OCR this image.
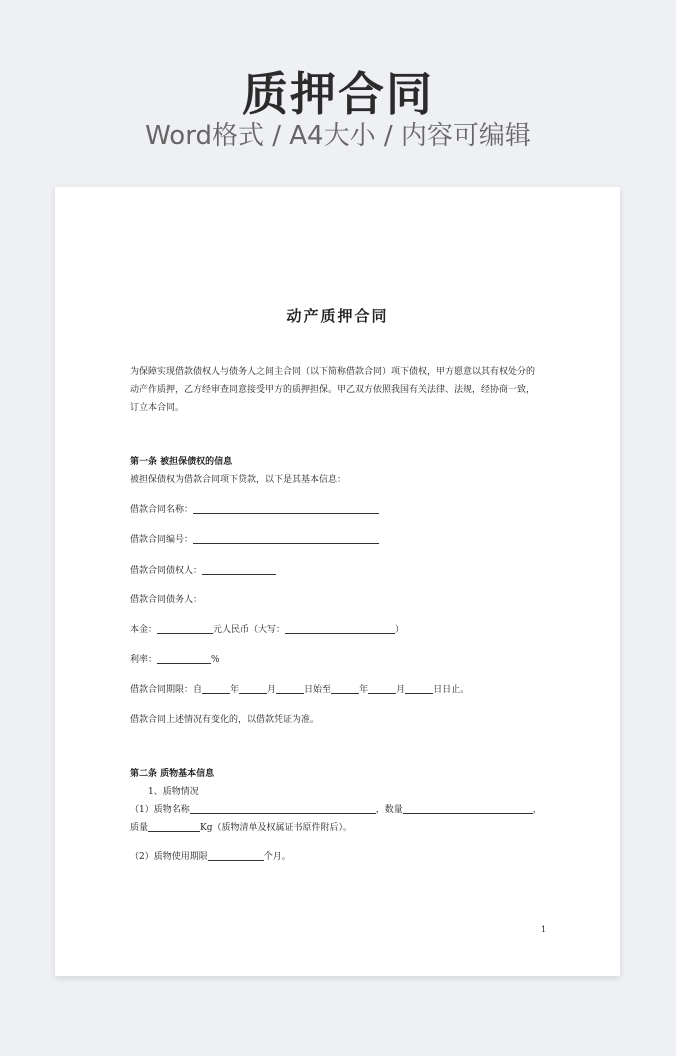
质押合同
Word格式 / A4大小 / 内容可编辑
动产质押合同
为保障实现借款债权人与债务人之间主合同（以下简称借款合同）项下债权，甲方愿意以其有权处分的动产作质押，乙方经审查同意接受甲方的质押担保。甲乙双方依照我国有关法律、法规，经协商一致，订立本合同。
第一条 被担保债权的信息
被担保债权为借款合同项下贷款，以下是其基本信息：
借款合同名称：
借款合同编号：
借款合同债权人：
借款合同债务人：
本金：	元人民币（大写：	）
利率：	%
借款合同期限：自	年	月	日始至	年	月	日日止。
借款合同上述情况有变化的，以借款凭证为准。
第二条 质物基本信息
1、质物情况
（1）质物名称	，数量	，
质量	Kg（质物清单及权属证书原件附后）。
（2）质物使用期限	个月。
1
